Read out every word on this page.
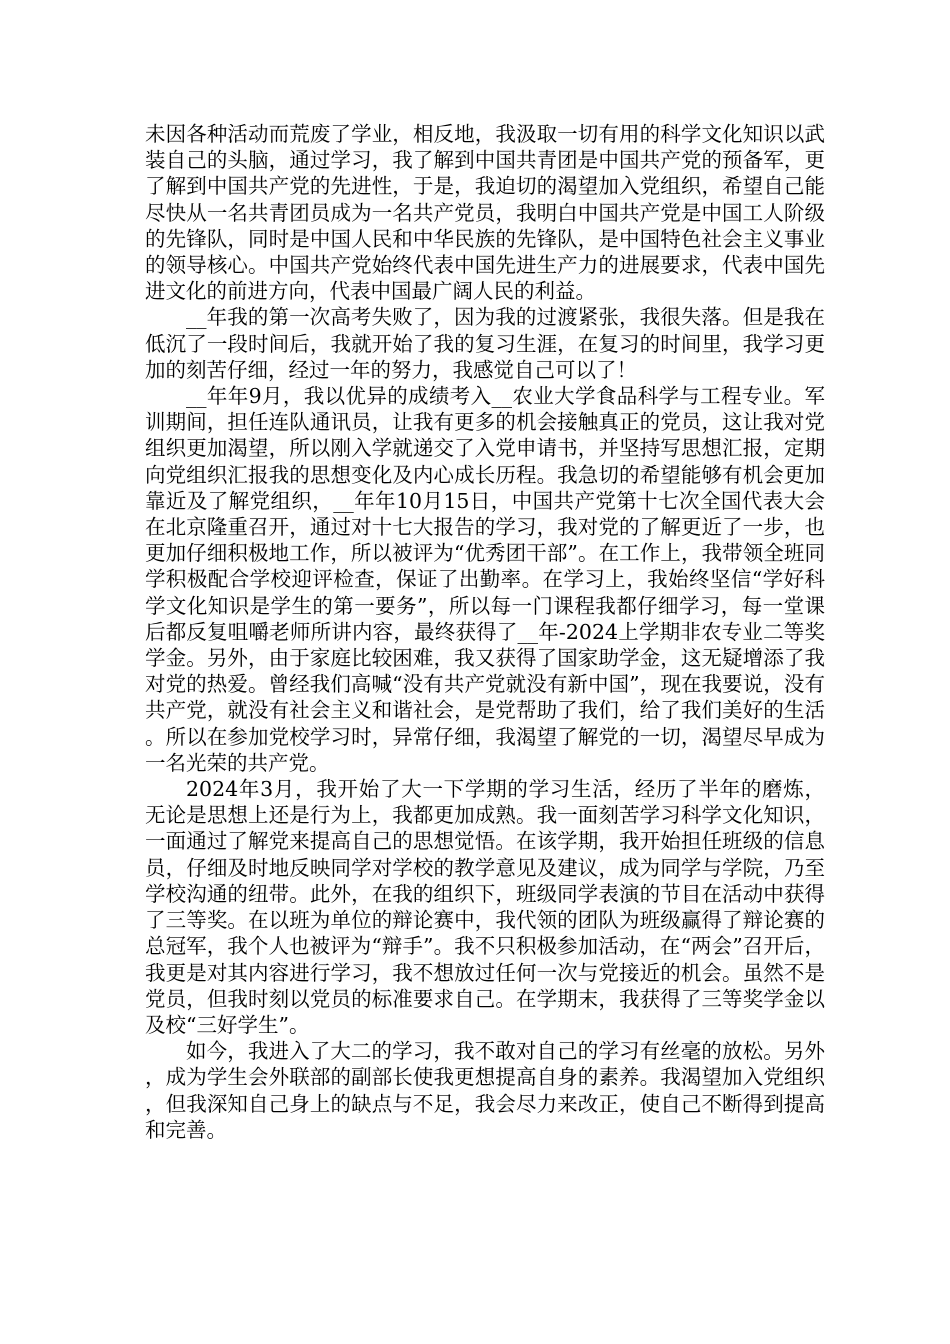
未因各种活动而荒废了学业，相反地，我汲取一切有用的科学文化知识以武装自己的头脑，通过学习，我了解到中国共青团是中国共产党的预备军，更了解到中国共产党的先进性，于是，我迫切的渴望加入党组织，希望自己能尽快从一名共青团员成为一名共产党员，我明白中国共产党是中国工人阶级的先锋队，同时是中国人民和中华民族的先锋队，是中国特色社会主义事业的领导核心。中国共产党始终代表中国先进生产力的进展要求，代表中国先进文化的前进方向，代表中国最广阔人民的利益。

__年我的第一次高考失败了，因为我的过渡紧张，我很失落。但是我在低沉了一段时间后，我就开始了我的复习生涯，在复习的时间里，我学习更加的刻苦仔细，经过一年的努力，我感觉自己可以了！

__年年9月，我以优异的成绩考入__农业大学食品科学与工程专业。军训期间，担任连队通讯员，让我有更多的机会接触真正的党员，这让我对党组织更加渴望，所以刚入学就递交了入党申请书，并坚持写思想汇报，定期向党组织汇报我的思想变化及内心成长历程。我急切的希望能够有机会更加靠近及了解党组织，__年年10月15日，中国共产党第十七次全国代表大会在北京隆重召开，通过对十七大报告的学习，我对党的了解更近了一步，也更加仔细积极地工作，所以被评为“优秀团干部”。在工作上，我带领全班同学积极配合学校迎评检查，保证了出勤率。在学习上，我始终坚信“学好科学文化知识是学生的第一要务”，所以每一门课程我都仔细学习，每一堂课后都反复咀嚼老师所讲内容，最终获得了__年-2024上学期非农专业二等奖学金。另外，由于家庭比较困难，我又获得了国家助学金，这无疑增添了我对党的热爱。曾经我们高喊“没有共产党就没有新中国”，现在我要说，没有共产党，就没有社会主义和谐社会，是党帮助了我们，给了我们美好的生活。所以在参加党校学习时，异常仔细，我渴望了解党的一切，渴望尽早成为一名光荣的共产党。

2024年3月，我开始了大一下学期的学习生活，经历了半年的磨炼，无论是思想上还是行为上，我都更加成熟。我一面刻苦学习科学文化知识，一面通过了解党来提高自己的思想觉悟。在该学期，我开始担任班级的信息员，仔细及时地反映同学对学校的教学意见及建议，成为同学与学院，乃至学校沟通的纽带。此外，在我的组织下，班级同学表演的节目在活动中获得了三等奖。在以班为单位的辩论赛中，我代领的团队为班级赢得了辩论赛的总冠军，我个人也被评为“辩手”。我不只积极参加活动，在“两会”召开后，我更是对其内容进行学习，我不想放过任何一次与党接近的机会。虽然不是党员，但我时刻以党员的标准要求自己。在学期末，我获得了三等奖学金以及校“三好学生”。

如今，我进入了大二的学习，我不敢对自己的学习有丝毫的放松。另外，成为学生会外联部的副部长使我更想提高自身的素养。我渴望加入党组织，但我深知自己身上的缺点与不足，我会尽力来改正，使自己不断得到提高和完善。
